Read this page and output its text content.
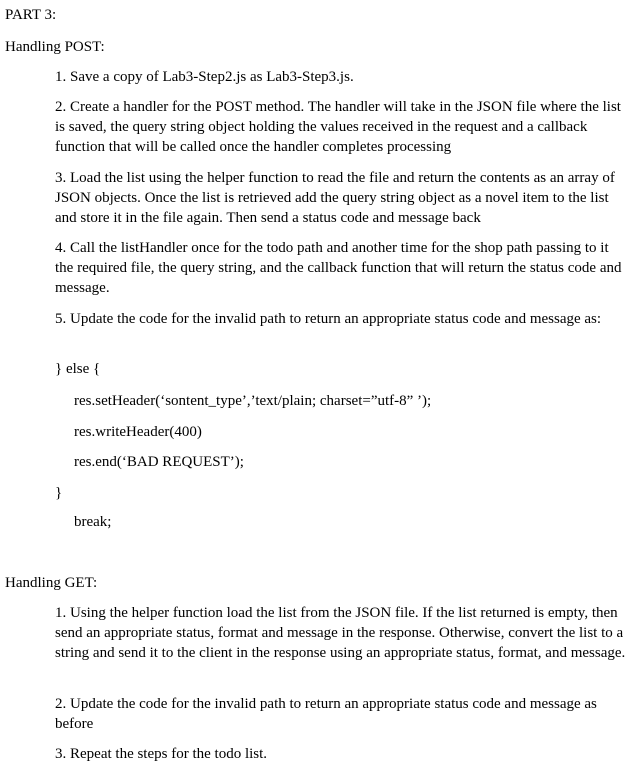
PART 3:

Handling POST:

1. Save a copy of Lab3-Step2.js as Lab3-Step3.js.

2. Create a handler for the POST method. The handler will take in the JSON file where the list is saved, the query string object holding the values received in the request and a callback function that will be called once the handler completes processing

3. Load the list using the helper function to read the file and return the contents as an array of JSON objects. Once the list is retrieved add the query string object as a novel item to the list and store it in the file again. Then send a status code and message back

4. Call the listHandler once for the todo path and another time for the shop path passing to it the required file, the query string, and the callback function that will return the status code and message.

5. Update the code for the invalid path to return an appropriate status code and message as:

} else {

res.setHeader(‘sontent_type’,’text/plain; charset=”utf-8” ’);

res.writeHeader(400)

res.end(‘BAD REQUEST’);

}

break;

Handling GET:

1. Using the helper function load the list from the JSON file. If the list returned is empty, then send an appropriate status, format and message in the response. Otherwise, convert the list to a string and send it to the client in the response using an appropriate status, format, and message.

2. Update the code for the invalid path to return an appropriate status code and message as before

3. Repeat the steps for the todo list.
